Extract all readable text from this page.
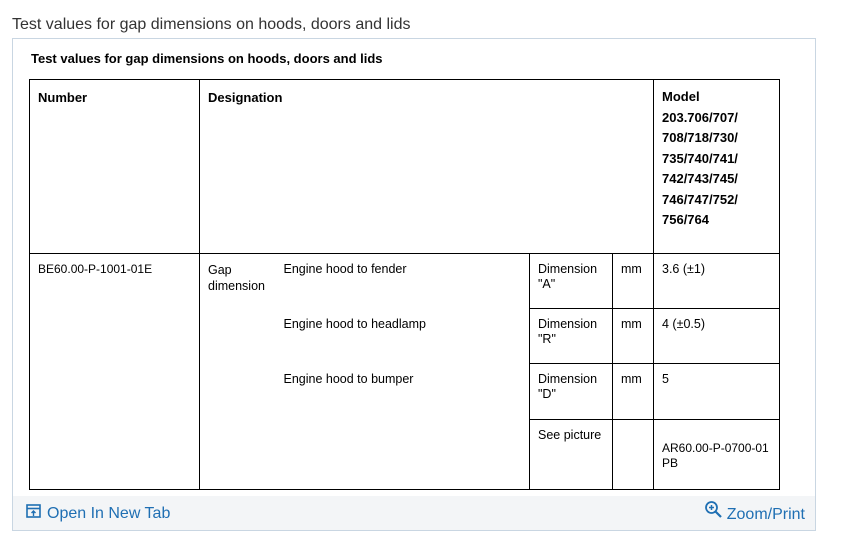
Test values for gap dimensions on hoods, doors and lids
Test values for gap dimensions on hoods, doors and lids
Number	Designation				Model 203.706/707/ 708/718/730/ 735/740/741/ 742/743/745/ 746/747/752/ 756/764
BE60.00-P-1001-01E	Gap dimension	Engine hood to fender	Dimension "A"	mm	3.6 (±1)
		Engine hood to headlamp	Dimension "R"	mm	4 (±0.5)
		Engine hood to bumper	Dimension "D"	mm	5
			See picture		AR60.00-P-0700-01 PB

Open In New Tab	Zoom/Print
